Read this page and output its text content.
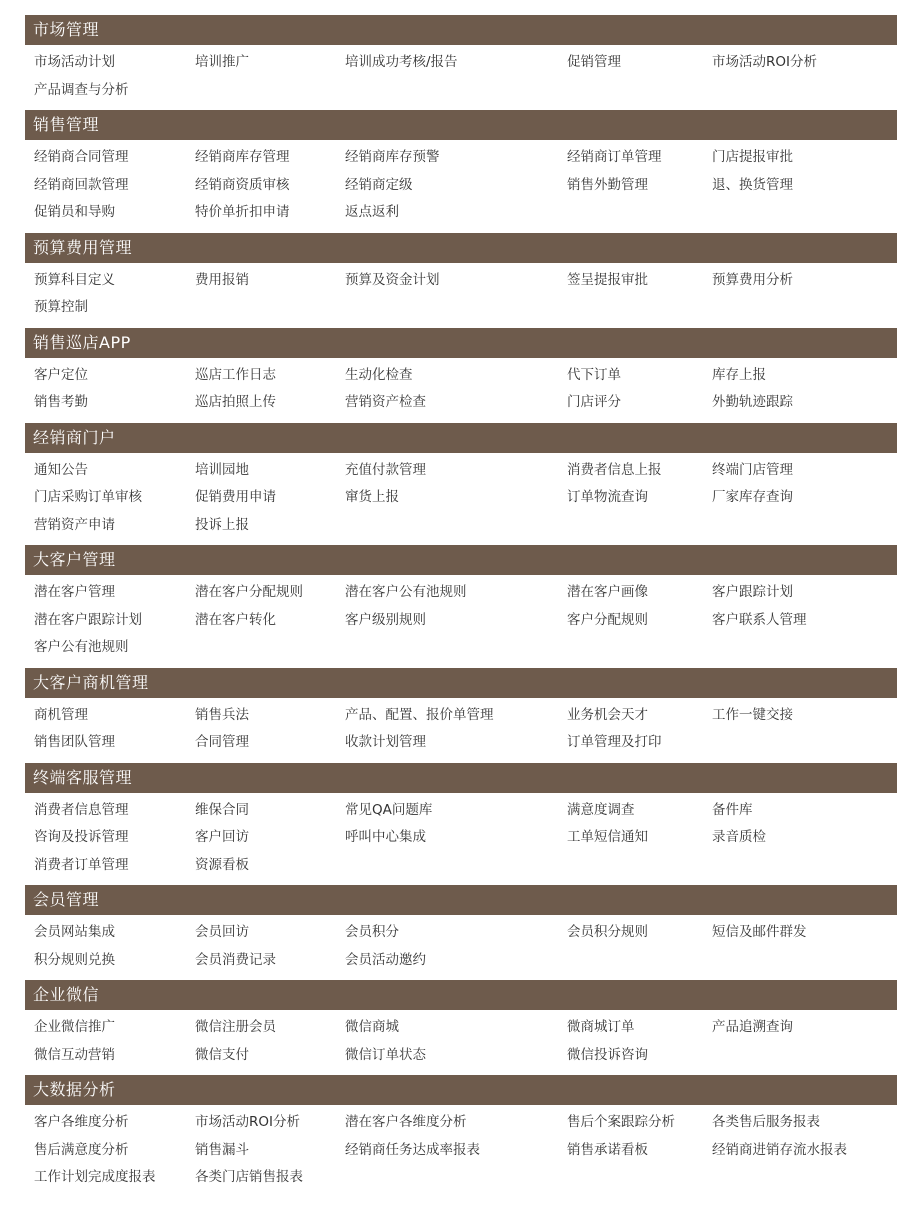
市场管理
市场活动计划	培训推广	培训成功考核/报告	促销管理	市场活动ROI分析
产品调查与分析
销售管理
经销商合同管理	经销商库存管理	经销商库存预警	经销商订单管理	门店提报审批
经销商回款管理	经销商资质审核	经销商定级	销售外勤管理	退、换货管理
促销员和导购	特价单折扣申请	返点返利
预算费用管理
预算科目定义	费用报销	预算及资金计划	签呈提报审批	预算费用分析
预算控制
销售巡店APP
客户定位	巡店工作日志	生动化检查	代下订单	库存上报
销售考勤	巡店拍照上传	营销资产检查	门店评分	外勤轨迹跟踪
经销商门户
通知公告	培训园地	充值付款管理	消费者信息上报	终端门店管理
门店采购订单审核	促销费用申请	窜货上报	订单物流查询	厂家库存查询
营销资产申请	投诉上报
大客户管理
潜在客户管理	潜在客户分配规则	潜在客户公有池规则	潜在客户画像	客户跟踪计划
潜在客户跟踪计划	潜在客户转化	客户级别规则	客户分配规则	客户联系人管理
客户公有池规则
大客户商机管理
商机管理	销售兵法	产品、配置、报价单管理	业务机会天才	工作一键交接
销售团队管理	合同管理	收款计划管理	订单管理及打印
终端客服管理
消费者信息管理	维保合同	常见QA问题库	满意度调查	备件库
咨询及投诉管理	客户回访	呼叫中心集成	工单短信通知	录音质检
消费者订单管理	资源看板
会员管理
会员网站集成	会员回访	会员积分	会员积分规则	短信及邮件群发
积分规则兑换	会员消费记录	会员活动邀约
企业微信
企业微信推广	微信注册会员	微信商城	微商城订单	产品追溯查询
微信互动营销	微信支付	微信订单状态	微信投诉咨询
大数据分析
客户各维度分析	市场活动ROI分析	潜在客户各维度分析	售后个案跟踪分析	各类售后服务报表
售后满意度分析	销售漏斗	经销商任务达成率报表	销售承诺看板	经销商进销存流水报表
工作计划完成度报表	各类门店销售报表
